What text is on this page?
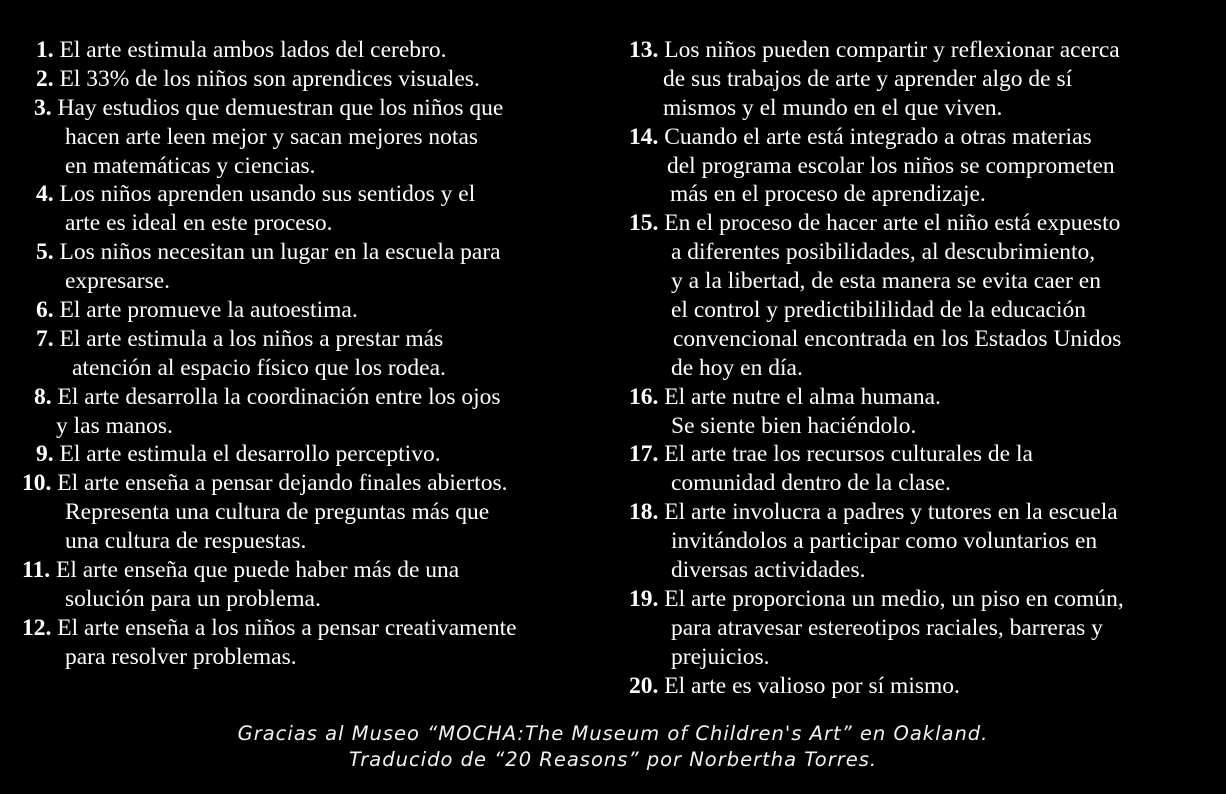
1. El arte estimula ambos lados del cerebro.
2. El 33% de los niños son aprendices visuales.
3. Hay estudios que demuestran que los niños que
hacen arte leen mejor y sacan mejores notas
en matemáticas y ciencias.
4. Los niños aprenden usando sus sentidos y el
arte es ideal en este proceso.
5. Los niños necesitan un lugar en la escuela para
expresarse.
6. El arte promueve la autoestima.
7. El arte estimula a los niños a prestar más
atención al espacio físico que los rodea.
8. El arte desarrolla la coordinación entre los ojos
y las manos.
9. El arte estimula el desarrollo perceptivo.
10. El arte enseña a pensar dejando finales abiertos.
Representa una cultura de preguntas más que
una cultura de respuestas.
11. El arte enseña que puede haber más de una
solución para un problema.
12. El arte enseña a los niños a pensar creativamente
para resolver problemas.
13. Los niños pueden compartir y reflexionar acerca
de sus trabajos de arte y aprender algo de sí
mismos y el mundo en el que viven.
14. Cuando el arte está integrado a otras materias
del programa escolar los niños se comprometen
más en el proceso de aprendizaje.
15. En el proceso de hacer arte el niño está expuesto
a diferentes posibilidades, al descubrimiento,
y a la libertad, de esta manera se evita caer en
el control y predictibililidad de la educación
convencional encontrada en los Estados Unidos
de hoy en día.
16. El arte nutre el alma humana.
Se siente bien haciéndolo.
17. El arte trae los recursos culturales de la
comunidad dentro de la clase.
18. El arte involucra a padres y tutores en la escuela
invitándolos a participar como voluntarios en
diversas actividades.
19. El arte proporciona un medio, un piso en común,
para atravesar estereotipos raciales, barreras y
prejuicios.
20. El arte es valioso por sí mismo.
Gracias al Museo “MOCHA:The Museum of Children's Art” en Oakland.
Traducido de “20 Reasons” por Norbertha Torres.
